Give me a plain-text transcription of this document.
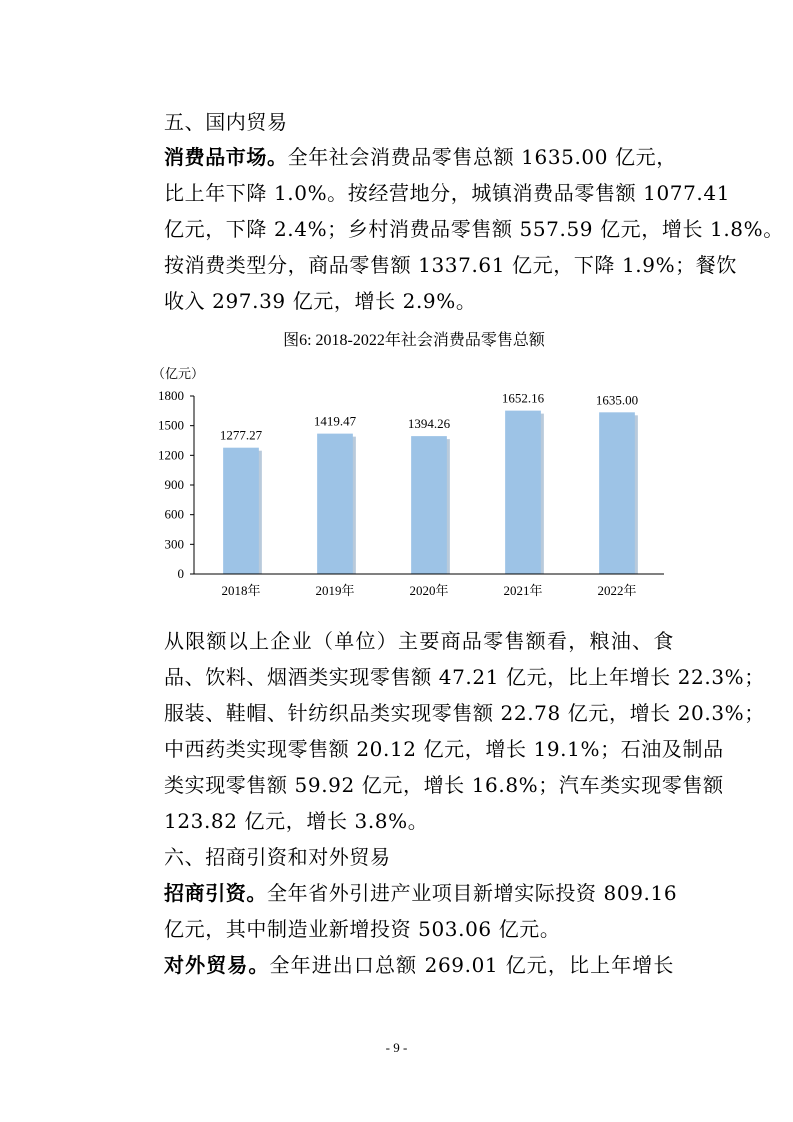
五、国内贸易
消费品市场。全年社会消费品零售总额 1635.00 亿元，
比上年下降 1.0%。按经营地分，城镇消费品零售额 1077.41
亿元，下降 2.4%；乡村消费品零售额 557.59 亿元，增长 1.8%。
按消费类型分，商品零售额 1337.61 亿元，下降 1.9%；餐饮
收入 297.39 亿元，增长 2.9%。
图6: 2018-2022年社会消费品零售总额
（亿元）
0
300
600
900
1200
1500
1800
1277.27
1419.47	1394.26
1652.16	1635.00
2018年	2019年	2020年	2021年	2022年
从限额以上企业（单位）主要商品零售额看，粮油、食
品、饮料、烟酒类实现零售额 47.21 亿元，比上年增长 22.3%；
服装、鞋帽、针纺织品类实现零售额 22.78 亿元，增长 20.3%；
中西药类实现零售额 20.12 亿元，增长 19.1%；石油及制品
类实现零售额 59.92 亿元，增长 16.8%；汽车类实现零售额
123.82 亿元，增长 3.8%。
六、招商引资和对外贸易
招商引资。全年省外引进产业项目新增实际投资 809.16
亿元，其中制造业新增投资 503.06 亿元。
对外贸易。全年进出口总额 269.01 亿元，比上年增长
- 9 -
